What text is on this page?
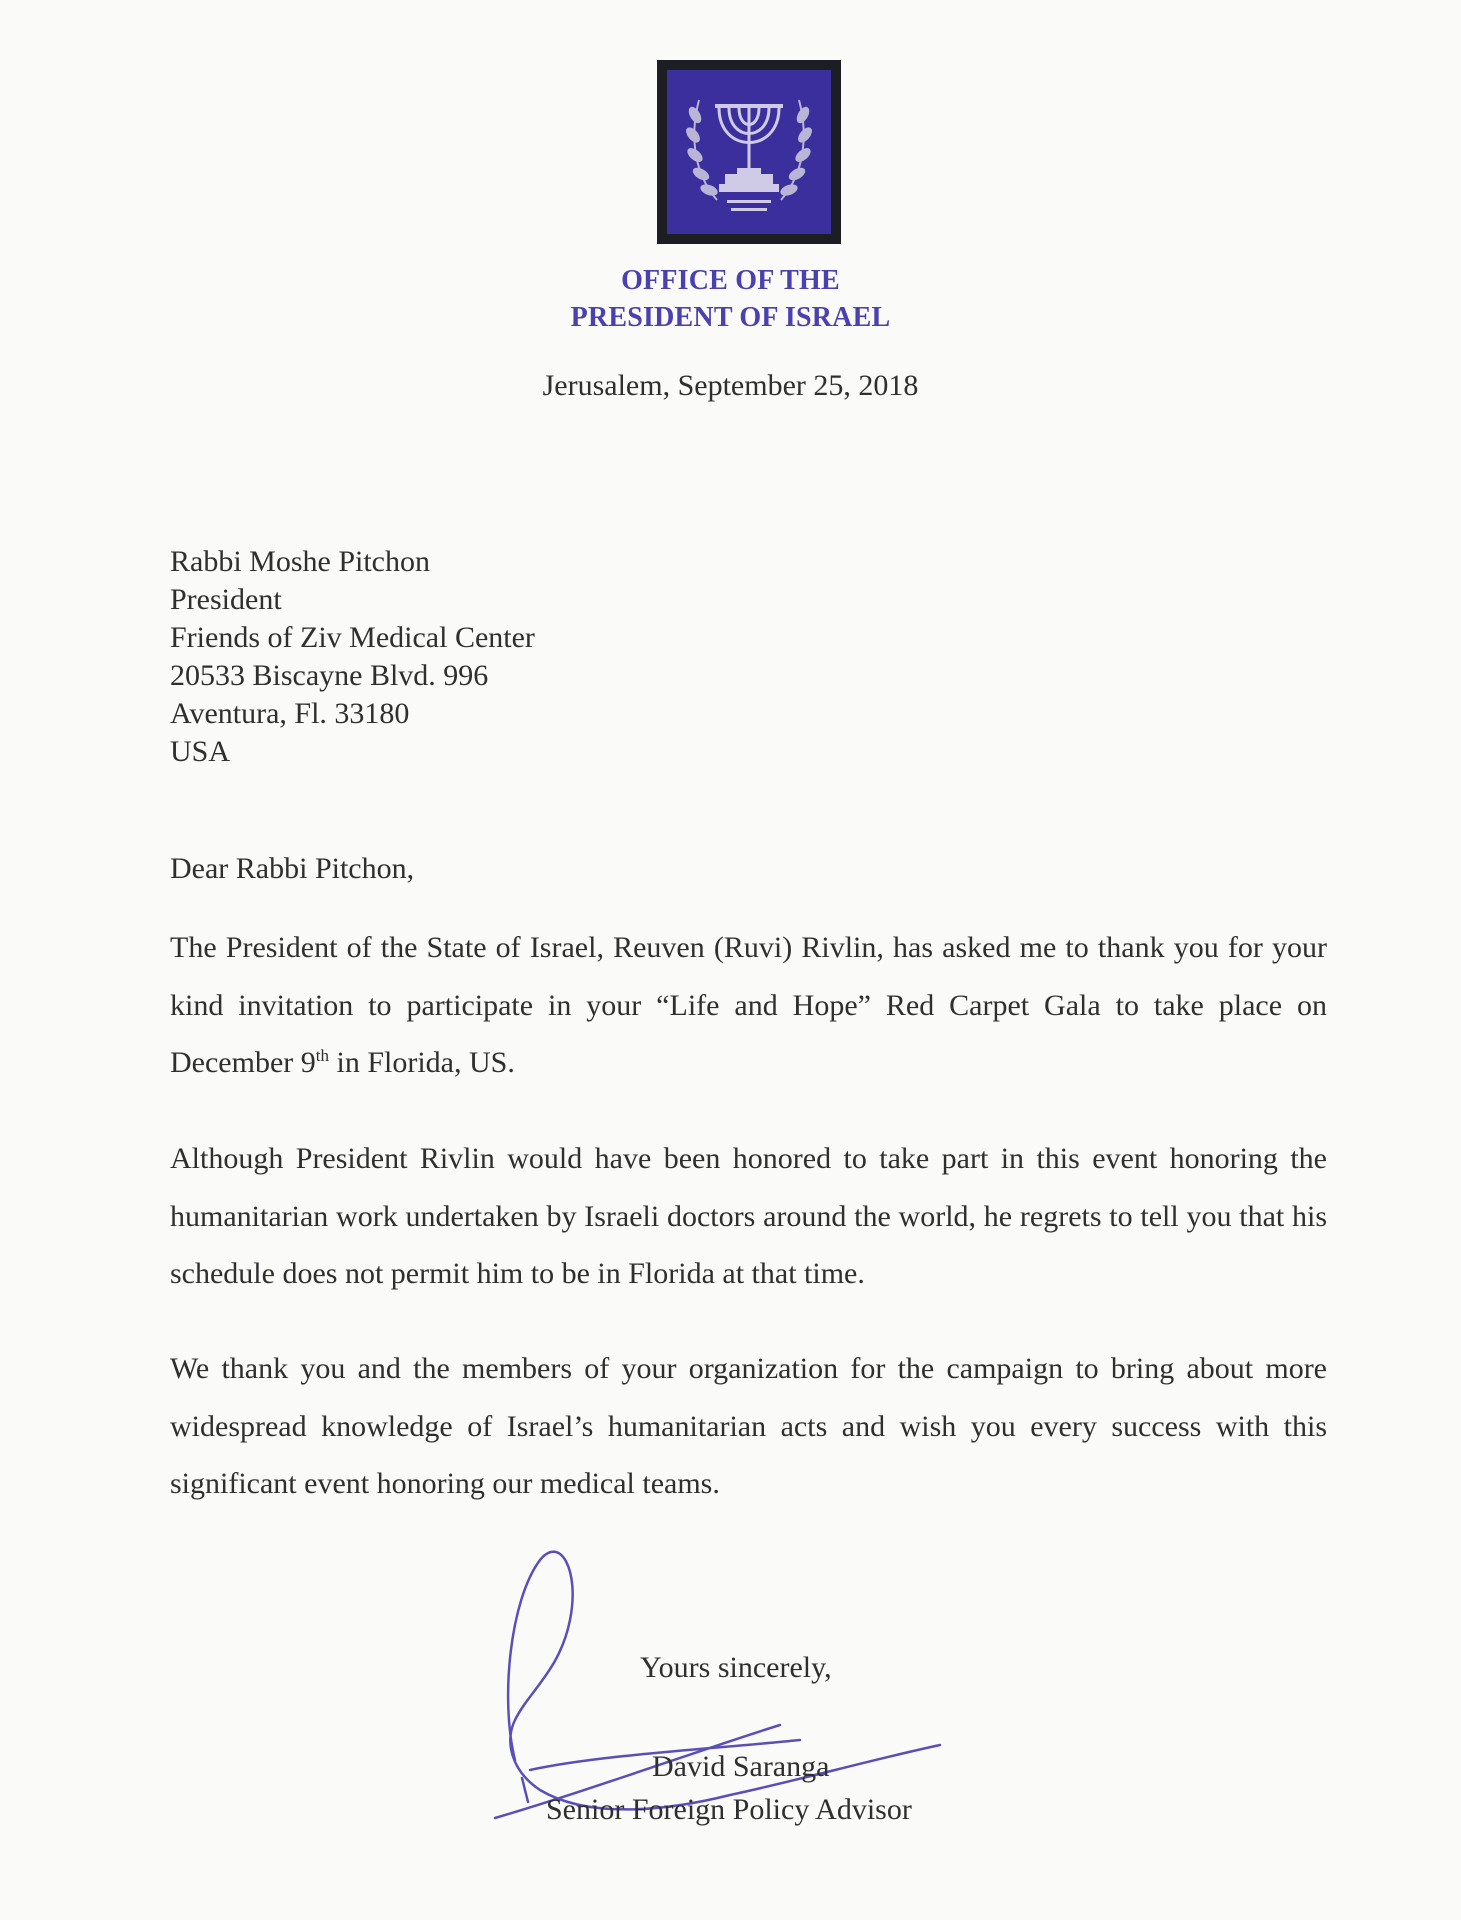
OFFICE OF THE
PRESIDENT OF ISRAEL
Jerusalem, September 25, 2018
Rabbi Moshe Pitchon
President
Friends of Ziv Medical Center
20533 Biscayne Blvd. 996
Aventura, Fl. 33180
USA
Dear Rabbi Pitchon,
The President of the State of Israel, Reuven (Ruvi) Rivlin, has asked me to thank you for your kind invitation to participate in your “Life and Hope” Red Carpet Gala to take place on December 9th in Florida, US.
Although President Rivlin would have been honored to take part in this event honoring the humanitarian work undertaken by Israeli doctors around the world, he regrets to tell you that his schedule does not permit him to be in Florida at that time.
We thank you and the members of your organization for the campaign to bring about more widespread knowledge of Israel’s humanitarian acts and wish you every success with this significant event honoring our medical teams.
Yours sincerely,
David Saranga
Senior Foreign Policy Advisor
